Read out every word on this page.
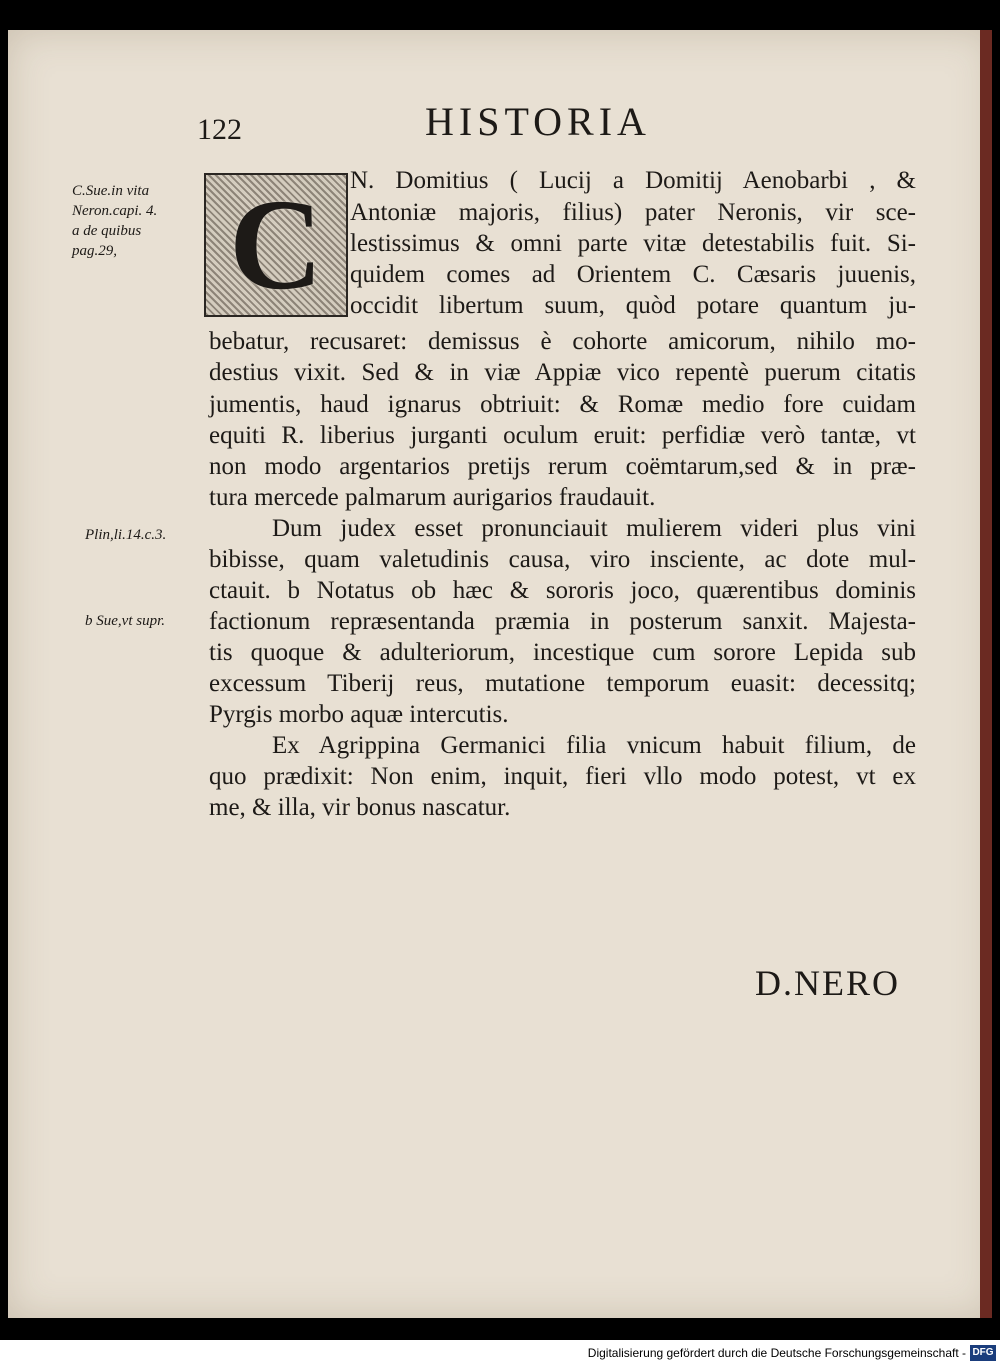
122	HISTORIA
C
C.Sue.in vita
Neron.capi. 4.
a de quibus
pag.29,
Plin,li.14.c.3.
b Sue,vt supr.
N. Domitius ( Lucij a Domitij Aenobarbi , &
Antoniæ majoris, filius) pater Neronis, vir sce-
lestissimus & omni parte vitæ detestabilis fuit. Si-
quidem comes ad Orientem C. Cæsaris juuenis,
occidit libertum suum, quòd potare quantum ju-
bebatur, recusaret: demissus è cohorte amicorum, nihilo mo-
destius vixit. Sed & in viæ Appiæ vico repentè puerum citatis
jumentis, haud ignarus obtriuit: & Romæ medio fore cuidam
equiti R. liberius jurganti oculum eruit: perfidiæ verò tantæ, vt
non modo argentarios pretijs rerum coëmtarum,sed & in præ-
tura mercede palmarum aurigarios fraudauit.
Dum judex esset pronunciauit mulierem videri plus vini
bibisse, quam valetudinis causa, viro insciente, ac dote mul-
ctauit. b Notatus ob hæc & sororis joco, quærentibus dominis
factionum repræsentanda præmia in posterum sanxit. Majesta-
tis quoque & adulteriorum, incestique cum sorore Lepida sub
excessum Tiberij reus, mutatione temporum euasit: decessitq;
Pyrgis morbo aquæ intercutis.
Ex Agrippina Germanici filia vnicum habuit filium, de
quo prædixit: Non enim, inquit, fieri vllo modo potest, vt ex
me, & illa, vir bonus nascatur.
D.NERO
Digitalisierung gefördert durch die Deutsche Forschungsgemeinschaft - DFG
